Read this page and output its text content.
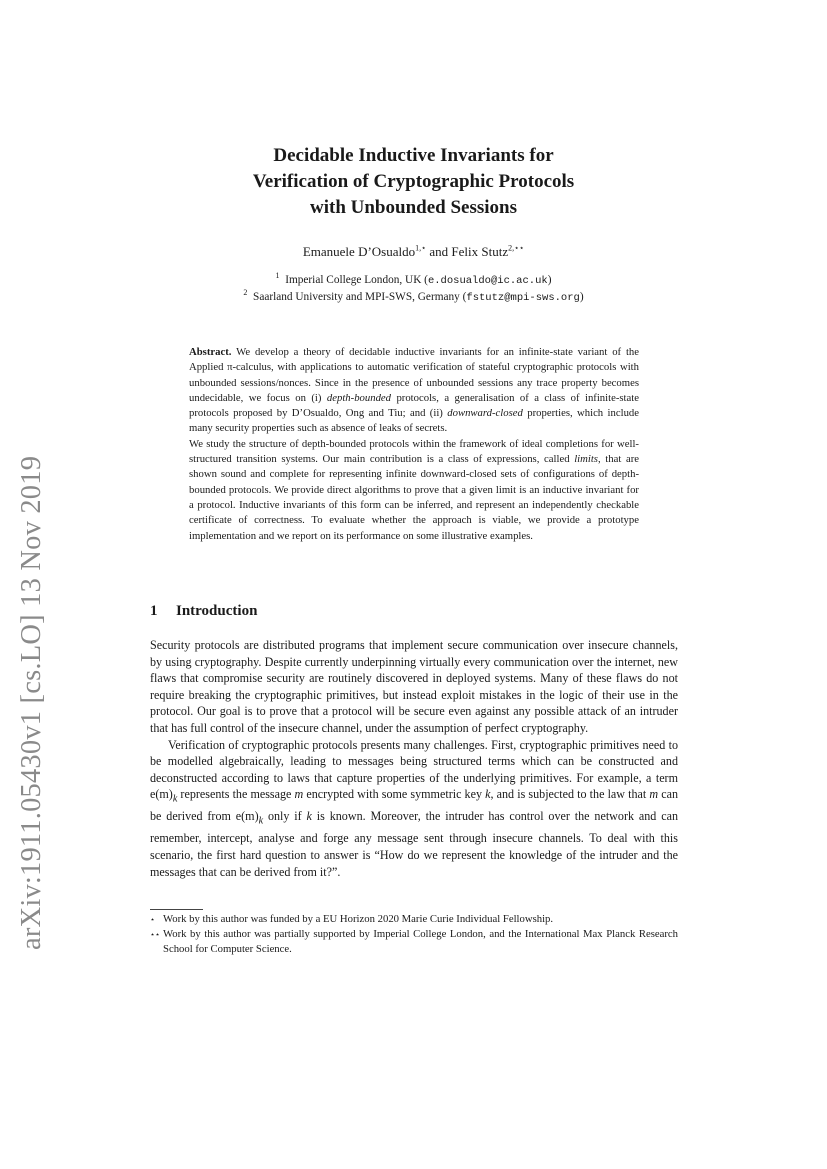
arXiv:1911.05430v1 [cs.LO] 13 Nov 2019
Decidable Inductive Invariants for
Verification of Cryptographic Protocols
with Unbounded Sessions
Emanuele D’Osualdo$^{1,⋆}$ and Felix Stutz$^{2,⋆⋆}$
$^1$ Imperial College London, UK (e.dosualdo@ic.ac.uk)
$^2$ Saarland University and MPI-SWS, Germany (fstutz@mpi-sws.org)

Abstract. We develop a theory of decidable inductive invariants for an infinite-state variant of the Applied π-calculus, with applications to automatic verification of stateful cryptographic protocols with unbounded sessions/nonces. Since in the presence of unbounded sessions any trace property becomes undecidable, we focus on (i) depth-bounded protocols, a generalisation of a class of infinite-state protocols proposed by D’Osualdo, Ong and Tiu; and (ii) downward-closed properties, which include many security properties such as absence of leaks of secrets.

We study the structure of depth-bounded protocols within the framework of ideal completions for well-structured transition systems. Our main contribution is a class of expressions, called limits, that are shown sound and complete for representing infinite downward-closed sets of configurations of depth-bounded protocols. We provide direct algorithms to prove that a given limit is an inductive invariant for a protocol. Inductive invariants of this form can be inferred, and represent an independently checkable certificate of correctness. To evaluate whether the approach is viable, we provide a prototype implementation and we report on its performance on some illustrative examples.

1 Introduction

Security protocols are distributed programs that implement secure communication over insecure channels, by using cryptography. Despite currently underpinning virtually every communication over the internet, new flaws that compromise security are routinely discovered in deployed systems. Many of these flaws do not require breaking the cryptographic primitives, but instead exploit mistakes in the logic of their use in the protocol. Our goal is to prove that a protocol will be secure even against any possible attack of an intruder that has full control of the insecure channel, under the assumption of perfect cryptography.

Verification of cryptographic protocols presents many challenges. First, cryptographic primitives need to be modelled algebraically, leading to messages being structured terms which can be constructed and deconstructed according to laws that capture properties of the underlying primitives. For example, a term $e(m)_k$ represents the message m encrypted with some symmetric key k, and is subjected to the law that m can be derived from $e(m)_k$ only if k is known. Moreover, the intruder has control over the network and can remember, intercept, analyse and forge any message sent through insecure channels. To deal with this scenario, the first hard question to answer is “How do we represent the knowledge of the intruder and the messages that can be derived from it?”.

⋆ Work by this author was funded by a EU Horizon 2020 Marie Curie Individual Fellowship.
⋆⋆ Work by this author was partially supported by Imperial College London, and the International Max Planck Research School for Computer Science.
